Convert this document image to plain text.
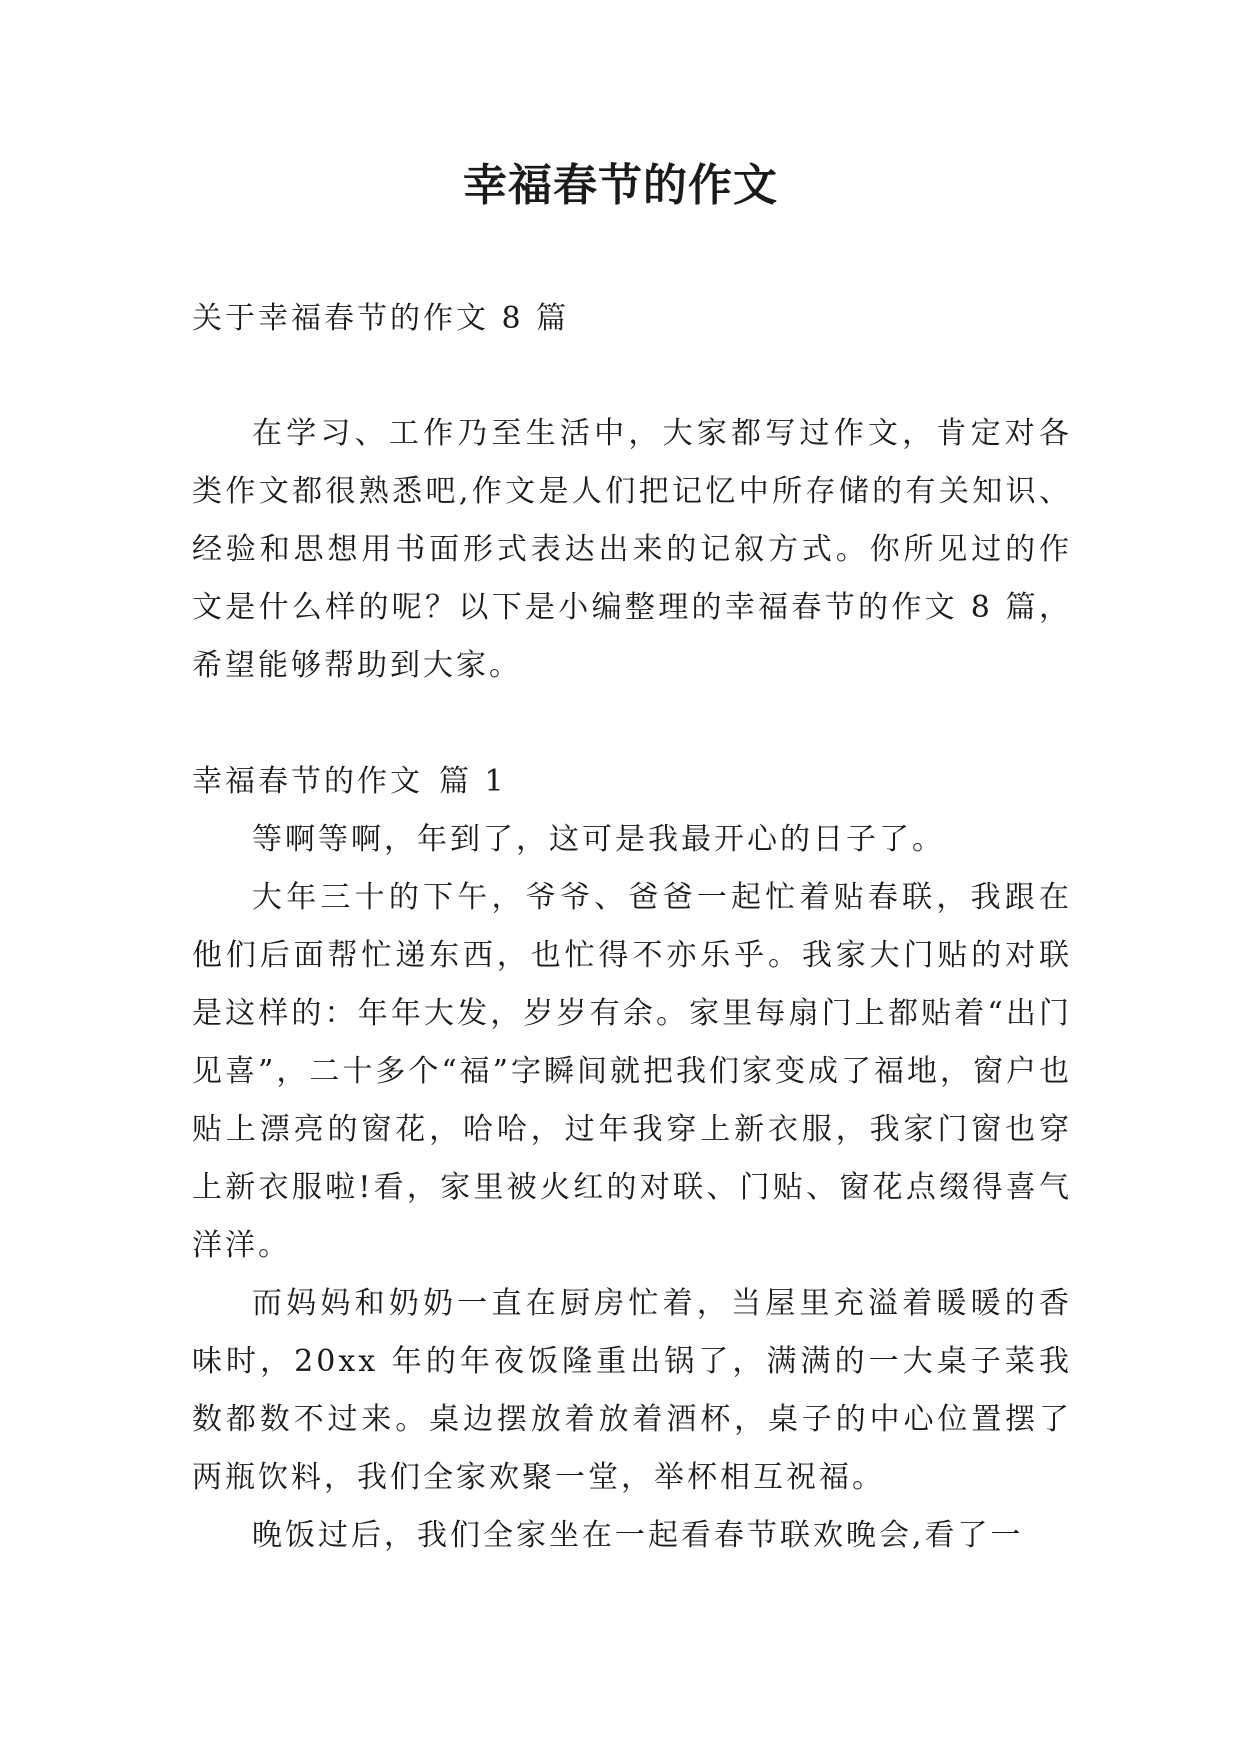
幸福春节的作文

关于幸福春节的作文 8 篇

在学习、工作乃至生活中，大家都写过作文，肯定对各类作文都很熟悉吧,作文是人们把记忆中所存储的有关知识、经验和思想用书面形式表达出来的记叙方式。你所见过的作文是什么样的呢？以下是小编整理的幸福春节的作文 8 篇，希望能够帮助到大家。

幸福春节的作文 篇 1

等啊等啊，年到了，这可是我最开心的日子了。

大年三十的下午，爷爷、爸爸一起忙着贴春联，我跟在他们后面帮忙递东西，也忙得不亦乐乎。我家大门贴的对联是这样的：年年大发，岁岁有余。家里每扇门上都贴着“出门见喜”，二十多个“福”字瞬间就把我们家变成了福地，窗户也贴上漂亮的窗花，哈哈，过年我穿上新衣服，我家门窗也穿上新衣服啦!看，家里被火红的对联、门贴、窗花点缀得喜气洋洋。

而妈妈和奶奶一直在厨房忙着，当屋里充溢着暖暖的香味时，20xx 年的年夜饭隆重出锅了，满满的一大桌子菜我数都数不过来。桌边摆放着放着酒杯，桌子的中心位置摆了两瓶饮料，我们全家欢聚一堂，举杯相互祝福。

晚饭过后，我们全家坐在一起看春节联欢晚会,看了一
